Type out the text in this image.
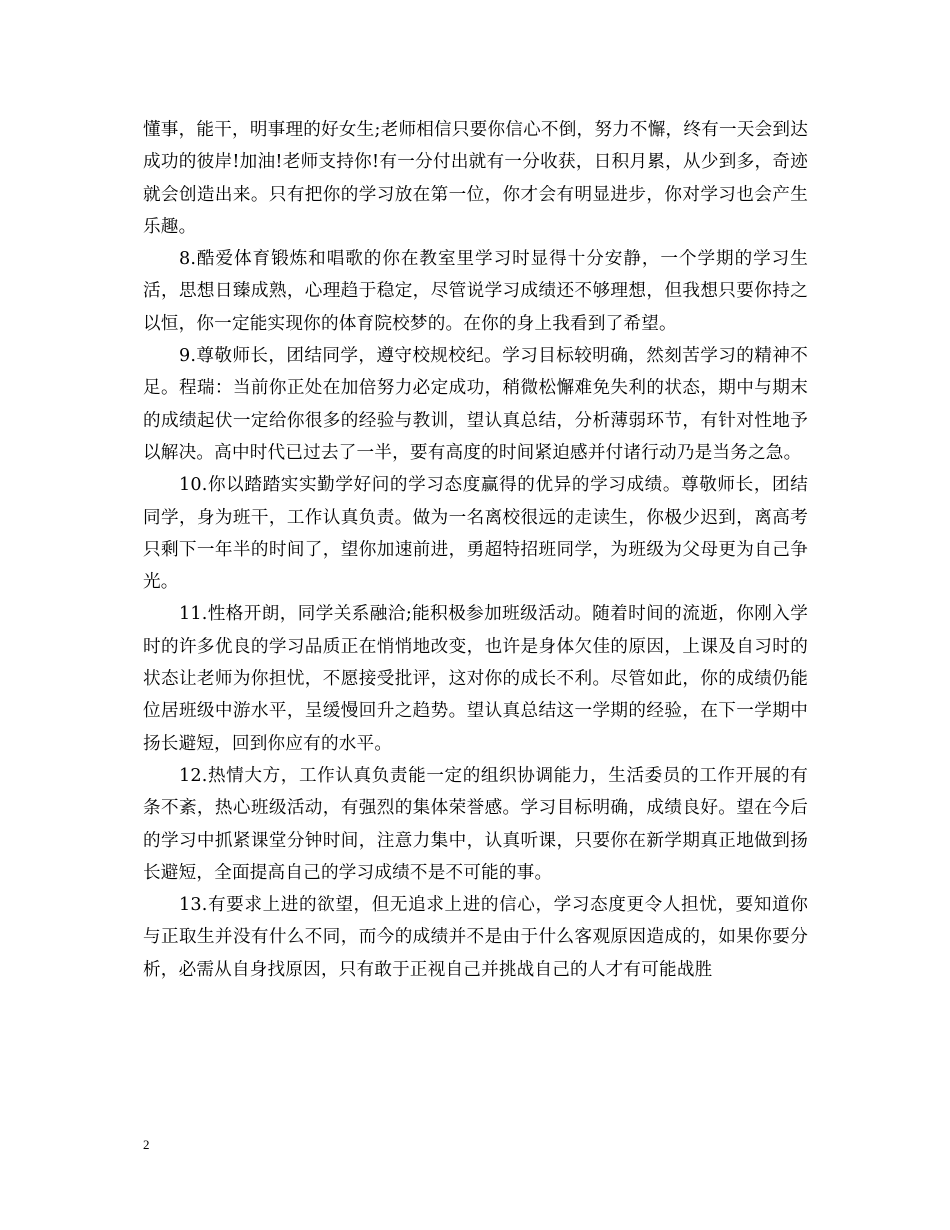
懂事，能干，明事理的好女生;老师相信只要你信心不倒，努力不懈，终有一天会到达成功的彼岸!加油!老师支持你!有一分付出就有一分收获，日积月累，从少到多，奇迹就会创造出来。只有把你的学习放在第一位，你才会有明显进步，你对学习也会产生乐趣。

8.酷爱体育锻炼和唱歌的你在教室里学习时显得十分安静，一个学期的学习生活，思想日臻成熟，心理趋于稳定，尽管说学习成绩还不够理想，但我想只要你持之以恒，你一定能实现你的体育院校梦的。在你的身上我看到了希望。

9.尊敬师长，团结同学，遵守校规校纪。学习目标较明确，然刻苦学习的精神不足。程瑞：当前你正处在加倍努力必定成功，稍微松懈难免失利的状态，期中与期末的成绩起伏一定给你很多的经验与教训，望认真总结，分析薄弱环节，有针对性地予以解决。高中时代已过去了一半，要有高度的时间紧迫感并付诸行动乃是当务之急。

10.你以踏踏实实勤学好问的学习态度赢得的优异的学习成绩。尊敬师长，团结同学，身为班干，工作认真负责。做为一名离校很远的走读生，你极少迟到，离高考只剩下一年半的时间了，望你加速前进，勇超特招班同学，为班级为父母更为自己争光。

11.性格开朗，同学关系融洽;能积极参加班级活动。随着时间的流逝，你刚入学时的许多优良的学习品质正在悄悄地改变，也许是身体欠佳的原因，上课及自习时的状态让老师为你担忧，不愿接受批评，这对你的成长不利。尽管如此，你的成绩仍能位居班级中游水平，呈缓慢回升之趋势。望认真总结这一学期的经验，在下一学期中扬长避短，回到你应有的水平。

12.热情大方，工作认真负责能一定的组织协调能力，生活委员的工作开展的有条不紊，热心班级活动，有强烈的集体荣誉感。学习目标明确，成绩良好。望在今后的学习中抓紧课堂分钟时间，注意力集中，认真听课，只要你在新学期真正地做到扬长避短，全面提高自己的学习成绩不是不可能的事。

13.有要求上进的欲望，但无追求上进的信心，学习态度更令人担忧，要知道你与正取生并没有什么不同，而今的成绩并不是由于什么客观原因造成的，如果你要分析，必需从自身找原因，只有敢于正视自己并挑战自己的人才有可能战胜

2
